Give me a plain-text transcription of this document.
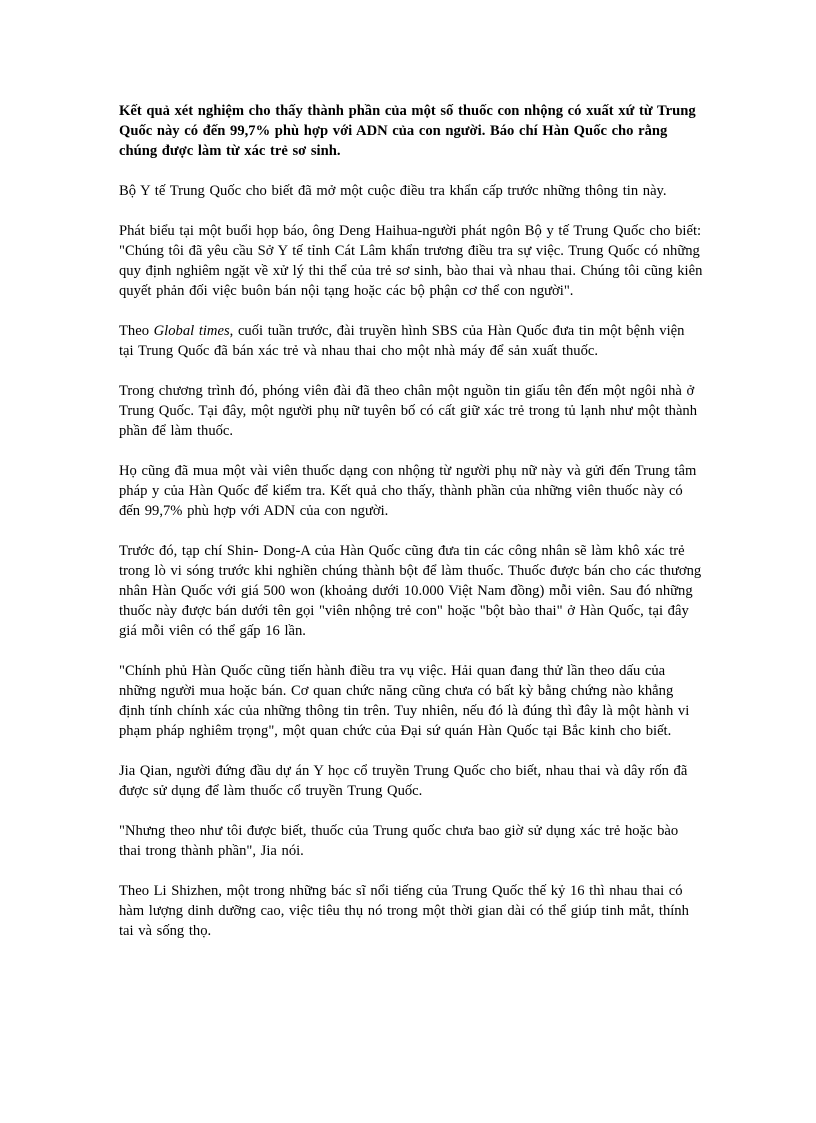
Kết quả xét nghiệm cho thấy thành phần của một số thuốc con nhộng có xuất xứ từ Trung Quốc này có đến 99,7% phù hợp với ADN của con người. Báo chí Hàn Quốc cho rằng chúng được làm từ xác trẻ sơ sinh.

Bộ Y tế Trung Quốc cho biết đã mở một cuộc điều tra khẩn cấp trước những thông tin này.

Phát biểu tại một buổi họp báo, ông Deng Haihua-người phát ngôn Bộ y tế Trung Quốc cho biết: "Chúng tôi đã yêu cầu Sở Y tế tỉnh Cát Lâm khẩn trương điều tra sự việc. Trung Quốc có những quy định nghiêm ngặt về xử lý thi thể của trẻ sơ sinh, bào thai và nhau thai. Chúng tôi cũng kiên quyết phản đối việc buôn bán nội tạng hoặc các bộ phận cơ thể con người".

Theo Global times, cuối tuần trước, đài truyền hình SBS của Hàn Quốc đưa tin một bệnh viện tại Trung Quốc đã bán xác trẻ và nhau thai cho một nhà máy để sản xuất thuốc.

Trong chương trình đó, phóng viên đài đã theo chân một nguồn tin giấu tên đến một ngôi nhà ở Trung Quốc. Tại đây, một người phụ nữ tuyên bố có cất giữ xác trẻ trong tủ lạnh như một thành phần để làm thuốc.

Họ cũng đã mua một vài viên thuốc dạng con nhộng từ người phụ nữ này và gửi đến Trung tâm pháp y của Hàn Quốc để kiểm tra. Kết quả cho thấy, thành phần của những viên thuốc này có đến 99,7% phù hợp với ADN của con người.

Trước đó, tạp chí Shin- Dong-A của Hàn Quốc cũng đưa tin các công nhân sẽ làm khô xác trẻ trong lò vi sóng trước khi nghiền chúng thành bột để làm thuốc. Thuốc được bán cho các thương nhân Hàn Quốc với giá 500 won (khoảng dưới 10.000 Việt Nam đồng) mỗi viên. Sau đó những thuốc này được bán dưới tên gọi "viên nhộng trẻ con" hoặc "bột bào thai" ở Hàn Quốc, tại đây giá mỗi viên có thể gấp 16 lần.

"Chính phủ Hàn Quốc cũng tiến hành điều tra vụ việc. Hải quan đang thử lần theo dấu của những người mua hoặc bán. Cơ quan chức năng cũng chưa có bất kỳ bằng chứng nào khẳng định tính chính xác của những thông tin trên. Tuy nhiên, nếu đó là đúng thì đây là một hành vi phạm pháp nghiêm trọng", một quan chức của Đại sứ quán Hàn Quốc tại Bắc kinh cho biết.

Jia Qian, người đứng đầu dự án Y học cổ truyền Trung Quốc cho biết, nhau thai và dây rốn đã được sử dụng để làm thuốc cổ truyền Trung Quốc.

"Nhưng theo như tôi được biết, thuốc của Trung quốc chưa bao giờ sử dụng xác trẻ hoặc bào thai trong thành phần", Jia nói.

Theo Li Shizhen, một trong những bác sĩ nổi tiếng của Trung Quốc thế kỷ 16 thì nhau thai có hàm lượng dinh dưỡng cao, việc tiêu thụ nó trong một thời gian dài có thể giúp tinh mắt, thính tai và sống thọ.
